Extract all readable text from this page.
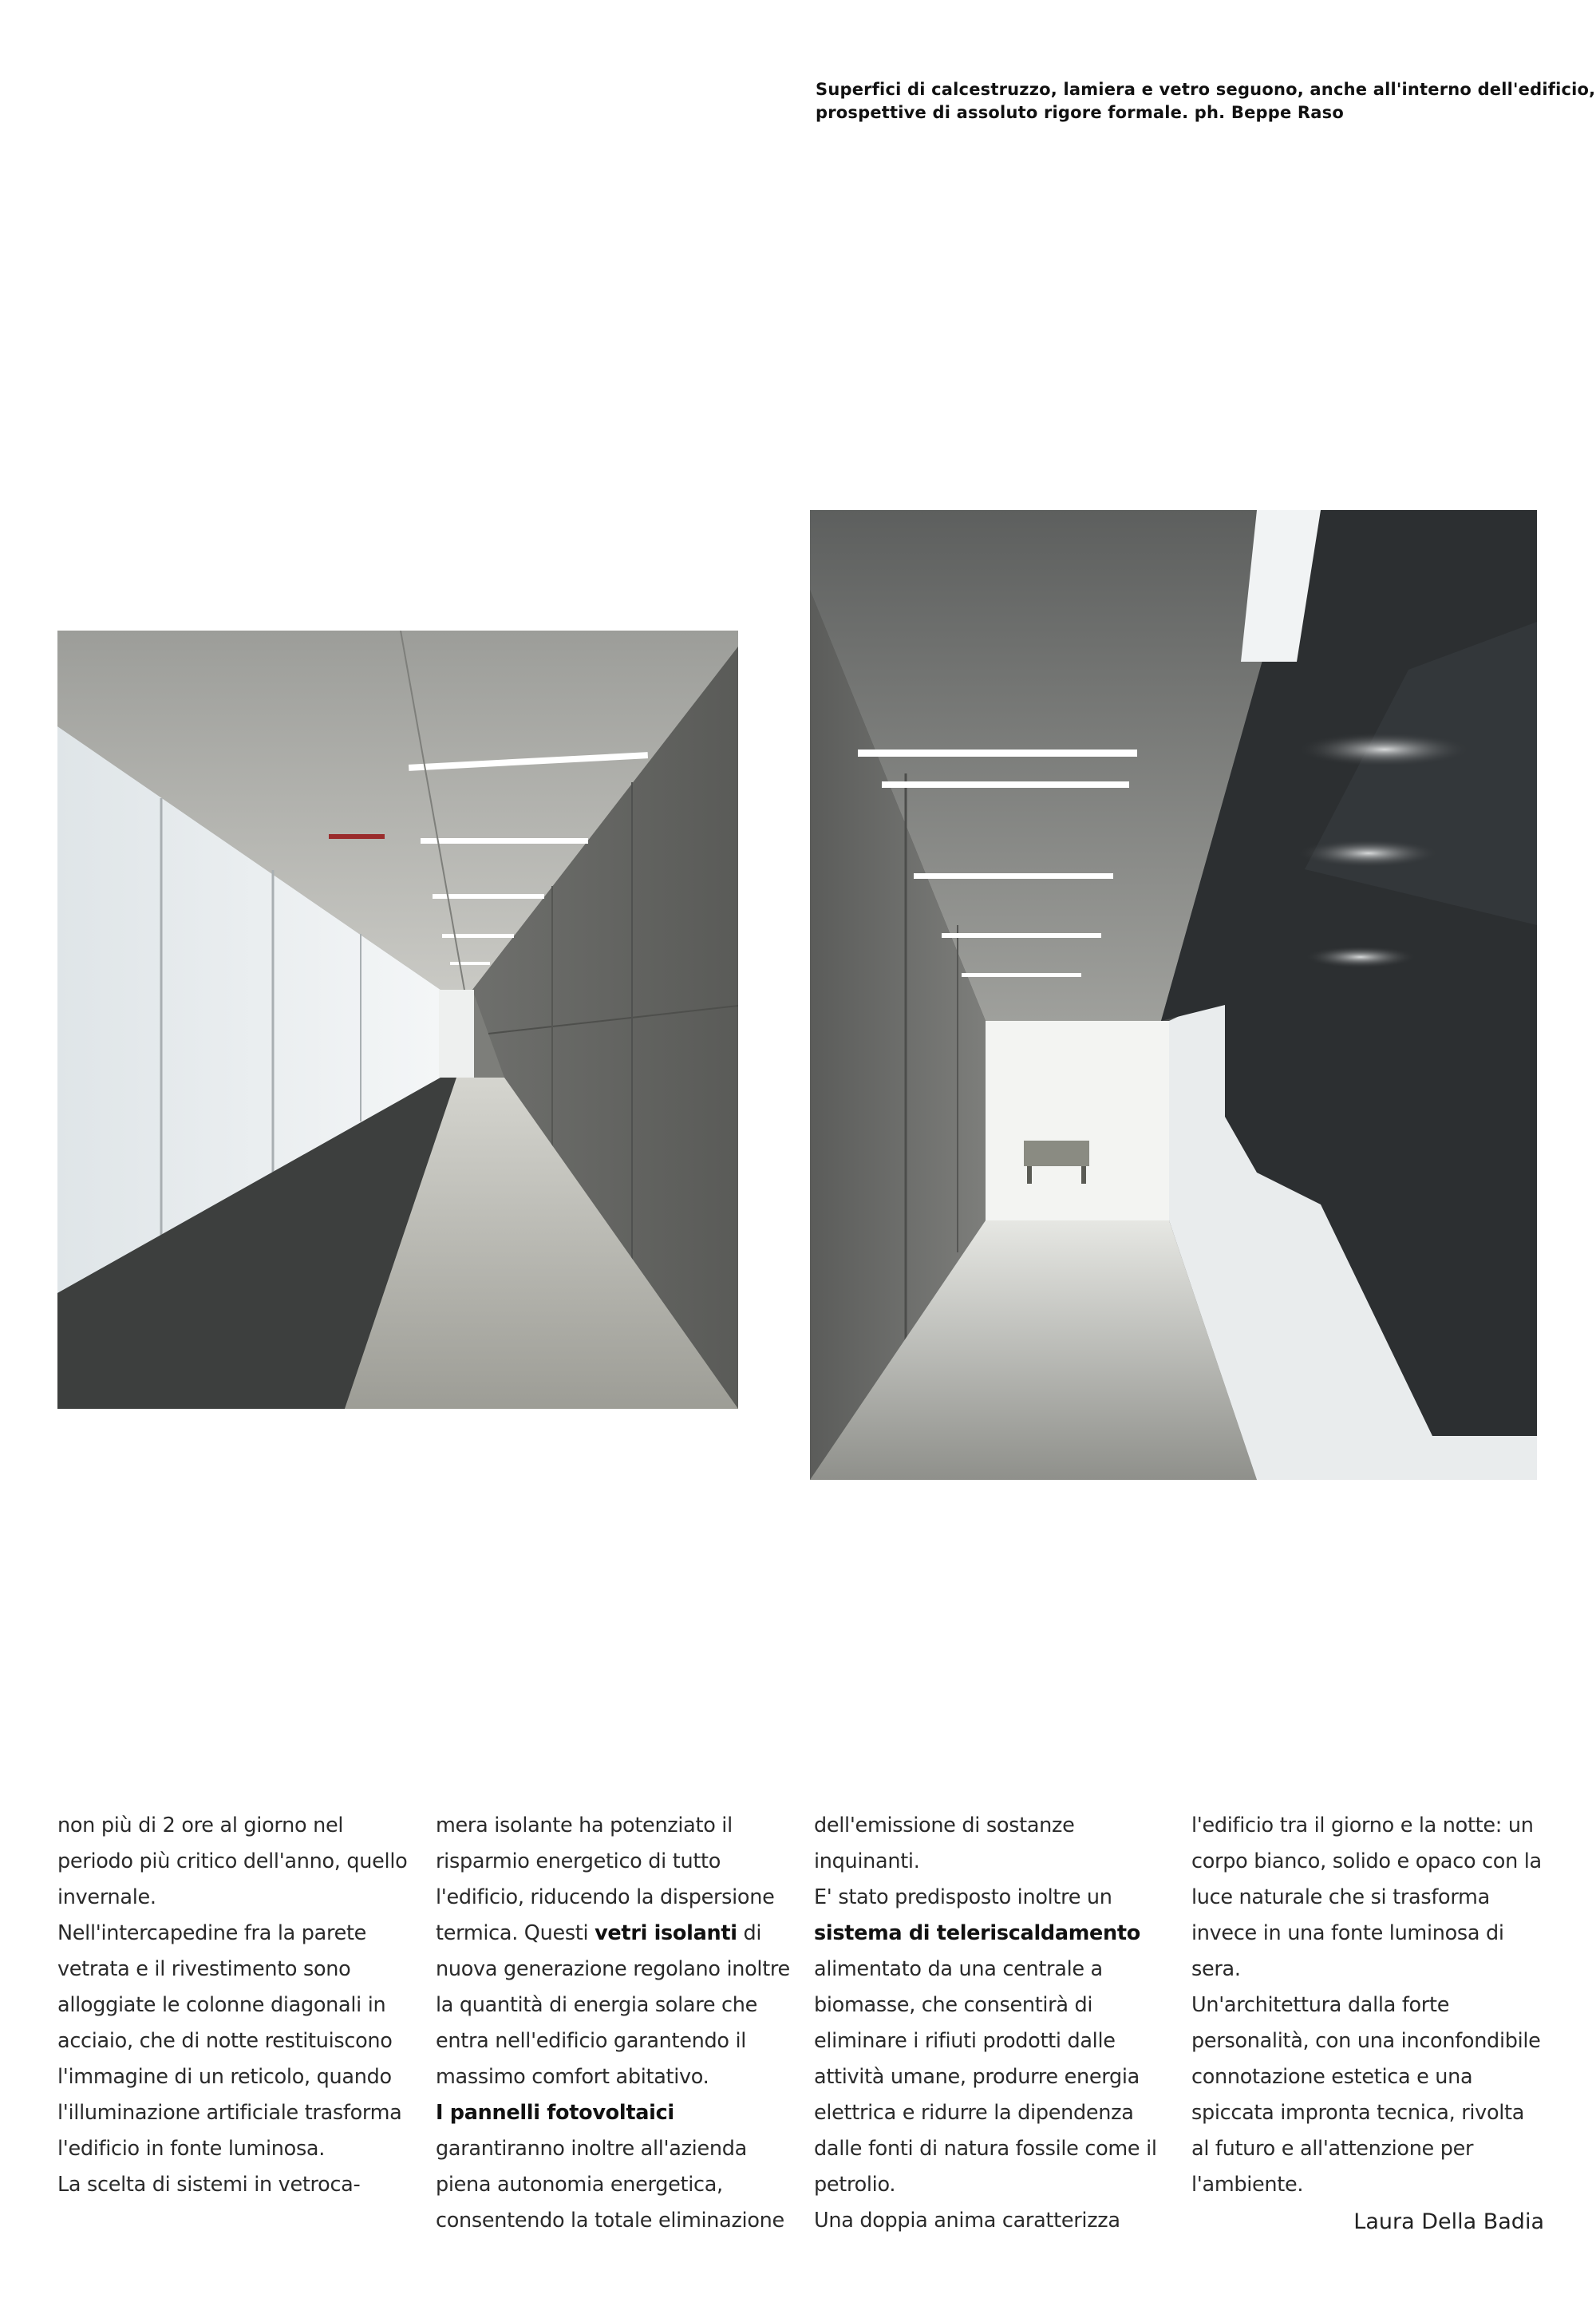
Superfici di calcestruzzo, lamiera e vetro seguono, anche all'interno dell'edificio,
prospettive di assoluto rigore formale. ph. Beppe Raso

non più di 2 ore al giorno nel periodo più critico dell'anno, quello invernale.

Nell'intercapedine fra la parete vetrata e il rivestimento sono alloggiate le colonne diagonali in acciaio, che di notte restituiscono l'immagine di un reticolo, quando l'illuminazione artificiale trasforma l'edificio in fonte luminosa.

La scelta di sistemi in vetroca-

mera isolante ha potenziato il risparmio energetico di tutto l'edificio, riducendo la dispersione termica. Questi vetri isolanti di nuova generazione regolano inoltre la quantità di energia solare che entra nell'edificio garantendo il massimo comfort abitativo.

I pannelli fotovoltaici garantiranno inoltre all'azienda piena autonomia energetica, consentendo la totale eliminazione

dell'emissione di sostanze inquinanti.

E' stato predisposto inoltre un sistema di teleriscaldamento alimentato da una centrale a biomasse, che consentirà di eliminare i rifiuti prodotti dalle attività umane, produrre energia elettrica e ridurre la dipendenza dalle fonti di natura fossile come il petrolio.

Una doppia anima caratterizza

l'edificio tra il giorno e la notte: un corpo bianco, solido e opaco con la luce naturale che si trasforma invece in una fonte luminosa di sera.

Un'architettura dalla forte personalità, con una inconfondibile connotazione estetica e una spiccata impronta tecnica, rivolta al futuro e all'attenzione per l'ambiente.

Laura Della Badia
